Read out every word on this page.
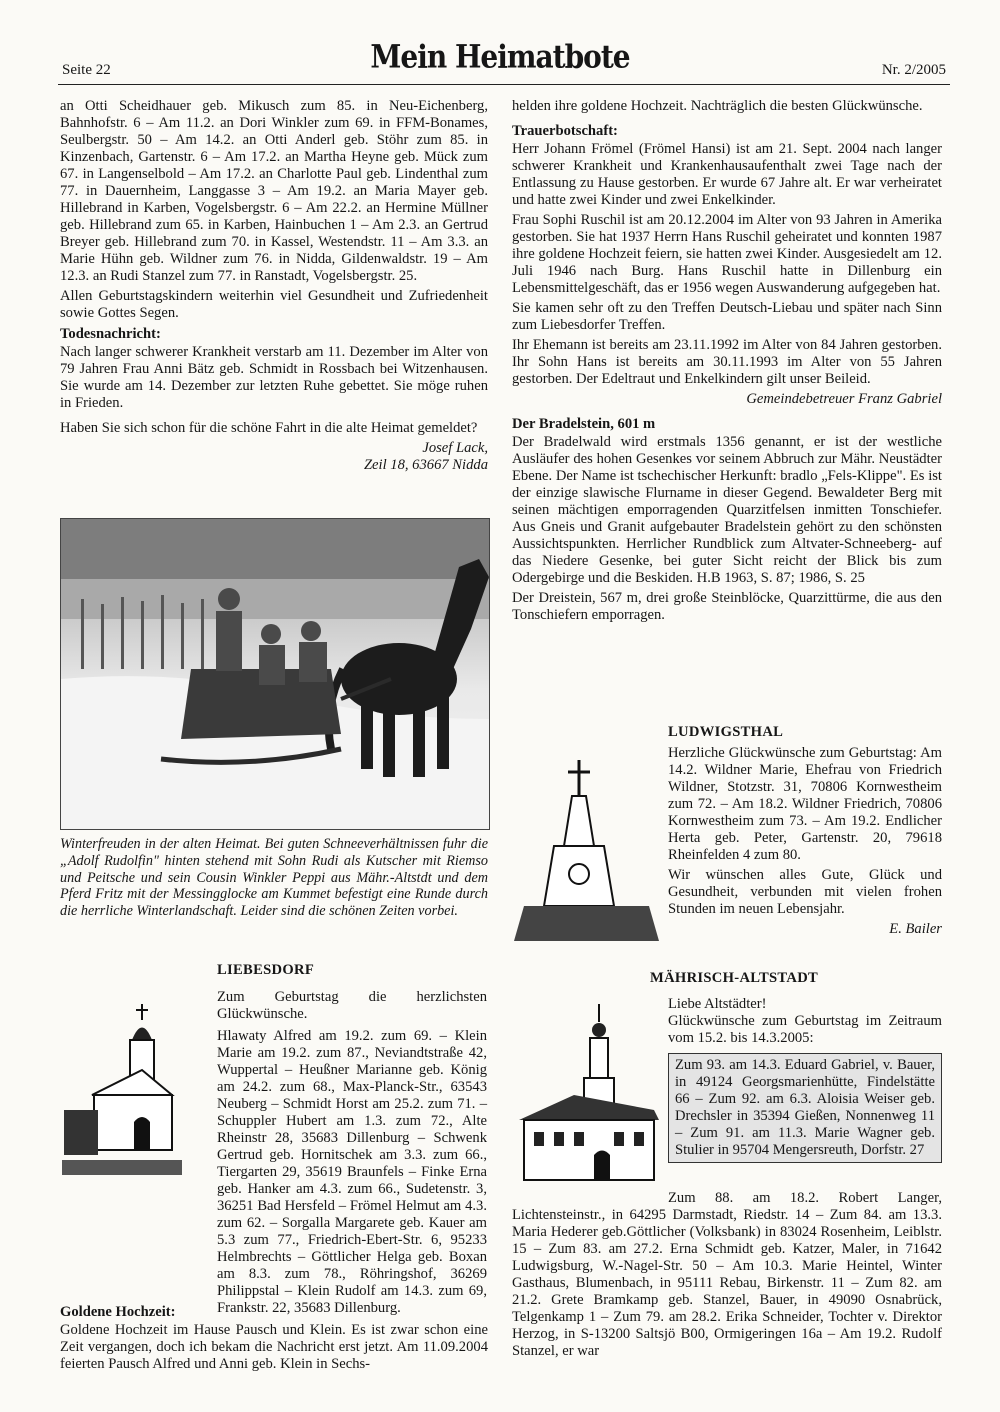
Seite 22	Mein Heimatbote	Nr. 2/2005

an Otti Scheidhauer geb. Mikusch zum 85. in Neu-Eichenberg, Bahnhofstr. 6 – Am 11.2. an Dori Winkler zum 69. in FFM-Bonames, Seulbergstr. 50 – Am 14.2. an Otti Anderl geb. Stöhr zum 85. in Kinzenbach, Gartenstr. 6 – Am 17.2. an Martha Heyne geb. Mück zum 67. in Langenselbold – Am 17.2. an Charlotte Paul geb. Lindenthal zum 77. in Dauernheim, Langgasse 3 – Am 19.2. an Maria Mayer geb. Hillebrand in Karben, Vogelsbergstr. 6 – Am 22.2. an Hermine Müllner geb. Hillebrand zum 65. in Karben, Hainbuchen 1 – Am 2.3. an Gertrud Breyer geb. Hillebrand zum 70. in Kassel, Westendstr. 11 – Am 3.3. an Marie Hühn geb. Wildner zum 76. in Nidda, Gildenwaldstr. 19 – Am 12.3. an Rudi Stanzel zum 77. in Ranstadt, Vogelsbergstr. 25.

Allen Geburtstagskindern weiterhin viel Gesundheit und Zufriedenheit sowie Gottes Segen.

Todesnachricht:

Nach langer schwerer Krankheit verstarb am 11. Dezember im Alter von 79 Jahren Frau Anni Bätz geb. Schmidt in Rossbach bei Witzenhausen. Sie wurde am 14. Dezember zur letzten Ruhe gebettet. Sie möge ruhen in Frieden.

Haben Sie sich schon für die schöne Fahrt in die alte Heimat gemeldet?

Josef Lack,
Zeil 18, 63667 Nidda
Winterfreuden in der alten Heimat. Bei guten Schneeverhältnissen fuhr die „Adolf Rudolfin" hinten stehend mit Sohn Rudi als Kutscher mit Riemso und Peitsche und sein Cousin Winkler Peppi aus Mähr.-Altstdt und dem Pferd Fritz mit der Messingglocke am Kummet befestigt eine Runde durch die herrliche Winterlandschaft. Leider sind die schönen Zeiten vorbei.
LIEBESDORF

Zum Geburtstag die herzlichsten Glückwünsche.

Hlawaty Alfred am 19.2. zum 69. – Klein Marie am 19.2. zum 87., Neviandtstraße 42, Wuppertal – Heußner Marianne geb. König am 24.2. zum 68., Max-Planck-Str., 63543 Neuberg – Schmidt Horst am 25.2. zum 71. – Schuppler Hubert am 1.3. zum 72., Alte Rheinstr 28, 35683 Dillenburg – Schwenk Gertrud geb. Hornitschek am 3.3. zum 66., Tiergarten 29, 35619 Braunfels – Finke Erna geb. Hanker am 4.3. zum 66., Sudetenstr. 3, 36251 Bad Hersfeld – Frömel Helmut am 4.3. zum 62. – Sorgalla Margarete geb. Kauer am 5.3 zum 77., Friedrich-Ebert-Str. 6, 95233 Helmbrechts – Göttlicher Helga geb. Boxan am 8.3. zum 78., Röhringshof, 36269 Philippstal – Klein Rudolf am 14.3. zum 69, Frankstr. 22, 35683 Dillenburg.

Goldene Hochzeit:

Goldene Hochzeit im Hause Pausch und Klein. Es ist zwar schon eine Zeit vergangen, doch ich bekam die Nachricht erst jetzt. Am 11.09.2004 feierten Pausch Alfred und Anni geb. Klein in Sechs-

helden ihre goldene Hochzeit. Nachträglich die besten Glückwünsche.

Trauerbotschaft:

Herr Johann Frömel (Frömel Hansi) ist am 21. Sept. 2004 nach langer schwerer Krankheit und Krankenhausaufenthalt zwei Tage nach der Entlassung zu Hause gestorben. Er wurde 67 Jahre alt. Er war verheiratet und hatte zwei Kinder und zwei Enkelkinder.

Frau Sophi Ruschil ist am 20.12.2004 im Alter von 93 Jahren in Amerika gestorben. Sie hat 1937 Herrn Hans Ruschil geheiratet und konnten 1987 ihre goldene Hochzeit feiern, sie hatten zwei Kinder. Ausgesiedelt am 12. Juli 1946 nach Burg. Hans Ruschil hatte in Dillenburg ein Lebensmittelgeschäft, das er 1956 wegen Auswanderung aufgegeben hat.

Sie kamen sehr oft zu den Treffen Deutsch-Liebau und später nach Sinn zum Liebesdorfer Treffen.

Ihr Ehemann ist bereits am 23.11.1992 im Alter von 84 Jahren gestorben. Ihr Sohn Hans ist bereits am 30.11.1993 im Alter von 55 Jahren gestorben. Der Edeltraut und Enkelkindern gilt unser Beileid.

Gemeindebetreuer Franz Gabriel
Der Bradelstein, 601 m

Der Bradelwald wird erstmals 1356 genannt, er ist der westliche Ausläufer des hohen Gesenkes vor seinem Abbruch zur Mähr. Neustädter Ebene. Der Name ist tschechischer Herkunft: bradlo „Fels-Klippe". Es ist der einzige slawische Flurname in dieser Gegend. Bewaldeter Berg mit seinen mächtigen emporragenden Quarzitfelsen inmitten Tonschiefer. Aus Gneis und Granit aufgebauter Bradelstein gehört zu den schönsten Aussichtspunkten. Herrlicher Rundblick zum Altvater-Schneeberg- auf das Niedere Gesenke, bei guter Sicht reicht der Blick bis zum Odergebirge und die Beskiden. H.B 1963, S. 87; 1986, S. 25

Der Dreistein, 567 m, drei große Steinblöcke, Quarzittürme, die aus den Tonschiefern emporragen.

LUDWIGSTHAL

Herzliche Glückwünsche zum Geburtstag: Am 14.2. Wildner Marie, Ehefrau von Friedrich Wildner, Stotzstr. 31, 70806 Kornwestheim zum 72. – Am 18.2. Wildner Friedrich, 70806 Kornwestheim zum 73. – Am 19.2. Endlicher Herta geb. Peter, Gartenstr. 20, 79618 Rheinfelden 4 zum 80.

Wir wünschen alles Gute, Glück und Gesundheit, verbunden mit vielen frohen Stunden im neuen Lebensjahr.

E. Bailer
MÄHRISCH-ALTSTADT

Liebe Altstädter!

Glückwünsche zum Geburtstag im Zeitraum vom 15.2. bis 14.3.2005:

Zum 93. am 14.3. Eduard Gabriel, v. Bauer, in 49124 Georgsmarienhütte, Findelstätte 66 – Zum 92. am 6.3. Aloisia Weiser geb. Drechsler in 35394 Gießen, Nonnenweg 11 – Zum 91. am 11.3. Marie Wagner geb. Stulier in 95704 Mengersreuth, Dorfstr. 27

Zum 88. am 18.2. Robert Langer, Lichtensteinstr., in 64295 Darmstadt, Riedstr. 14 – Zum 84. am 13.3. Maria Hederer geb.Göttlicher (Volksbank) in 83024 Rosenheim, Leiblstr. 15 – Zum 83. am 27.2. Erna Schmidt geb. Katzer, Maler, in 71642 Ludwigsburg, W.-Nagel-Str. 50 – Am 10.3. Marie Heintel, Winter Gasthaus, Blumenbach, in 95111 Rebau, Birkenstr. 11 – Zum 82. am 21.2. Grete Bramkamp geb. Stanzel, Bauer, in 49090 Osnabrück, Telgenkamp 1 – Zum 79. am 28.2. Erika Schneider, Tochter v. Direktor Herzog, in S-13200 Saltsjö B00, Ormigeringen 16a – Am 19.2. Rudolf Stanzel, er war
